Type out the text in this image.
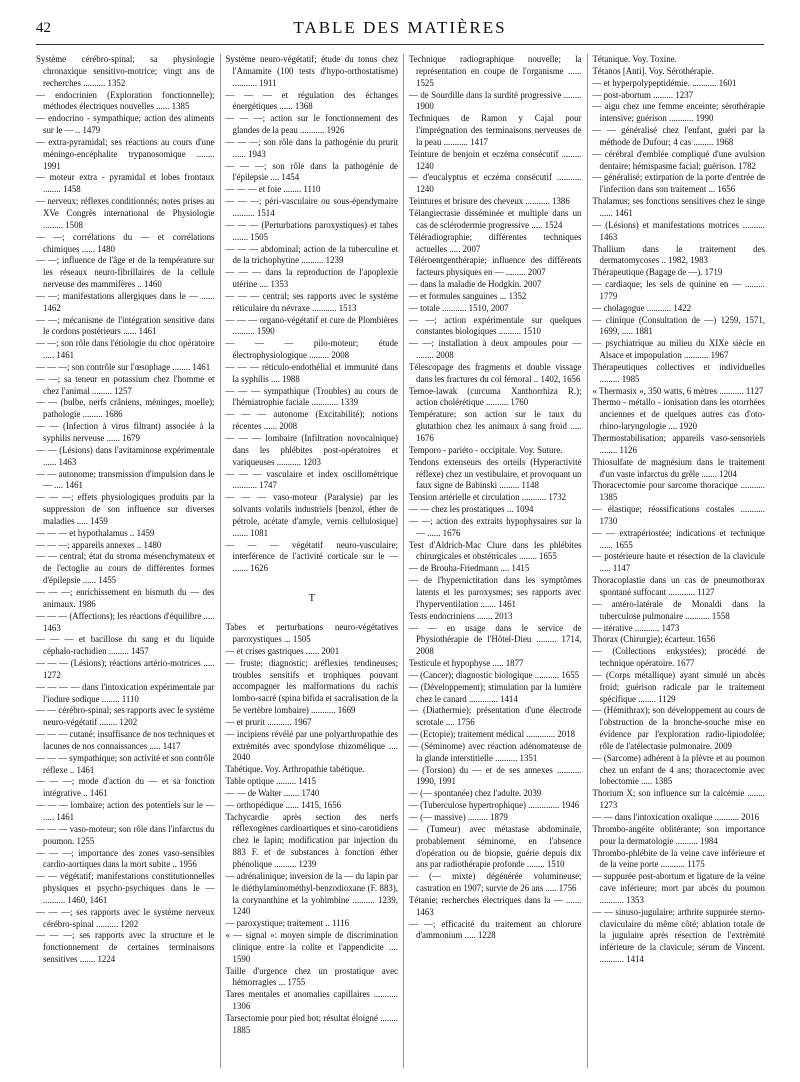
42	TABLE DES MATIÈRES

Système cérébro-spinal; sa physiologie chronaxique sensitivo-motrice; vingt ans de recherches .......... 1352

— endocrinien (Exploration fonctionnelle); méthodes électriques nouvelles ...... 1385

— endocrino - sympathique; action des aliments sur le — .. 1479

— extra-pyramidal; ses réactions au cours d'une méningo-encéphalite trypanosomique ........ 1991

— moteur extra - pyramidal et lobes frontaux ........ 1458

— nerveux; réflexes conditionnés; notes prises au XVe Congrès international de Physiologie ......... 1508

— —; corrélations du — et corrélations chimiques ...... 1480

— —; influence de l'âge et de la température sur les réseaux neuro-fibrillaires de la cellule nerveuse des mammifères .. 1460

— —; manifestations allergiques dans le — ...... 1462

— —; mécanisme de l'intégration sensitive dans le cordons postérieurs ...... 1461

— —; son rôle dans l'étiologie du choc opératoire ..... 1461

— — —; son contrôle sur l'œsophage ........ 1461

— —; sa teneur en potassium chez l'homme et chez l'animal ......... 1257

— — (bulbe, nerfs crâniens, méninges, moelle); pathologie ......... 1686

— — (Infection à virus filtrant) associée à la syphilis nerveuse ...... 1679

— — (Lésions) dans l'avitaminose expérimentale ...... 1463

— — autonome; transmission d'impulsion dans le — .... 1461

— — —; effets physiologiques produits par la suppression de son influence sur diverses maladies ..... 1459

— — — et hypothalamus .. 1459

— — —; appareils annexes .. 1480

— — central; état du stroma mésenchymateux et de l'ectoglie au cours de différentes formes d'épilepsie ...... 1455

— — —; enrichissement en bismuth du — des animaux. 1986

— — — (Affections); les réactions d'équilibre ..... 1463

— — — et bacillose du sang et du liquide céphalo-rachidien ......... 1457

— — — (Lésions); réactions artério-motrices ..... 1272

— — — — dans l'intoxication expérimentale par l'iodure sodique ........ 1110

— — cérébro-spinal; ses rapports avec le système neuro-végétatif ........ 1202

— — — cutané; insuffisance de nos techniques et lacunes de nos connaissances ..... 1417

— — — sympathique; son activité et son contrôle réflexe .. 1461

— — —; mode d'action du — et sa fonction intégrative .. 1461

— — — lombaire; action des potentiels sur le — ..... 1461

— — — vaso-moteur; son rôle dans l'infarctus du poumon. 1255

— — —; importance des zones vaso-sensibles cardio-aortiques dans la mort subite .. 1956

— — végétatif; manifestations constitutionnelles physiques et psycho-psychiques dans le — .......... 1460, 1461

— — —; ses rapports avec le système nerveux cérébro-spinal .......... 1202

— — —; ses rapports avec la structure et le fonctionnement de certaines terminaisons sensitives ....... 1224

Système neuro-végétatif; étude du tonus chez l'Annamite (100 tests d'hypo-orthostatisme) ........... 1911

— — — et régulation des échanges énergétiques ...... 1368

— — —; action sur le fonctionnement des glandes de la peau ........... 1926

— — —; son rôle dans la pathogénie du prurit ...... 1943

— — —; son rôle dans la pathogénie de l'épilepsie .... 1454

— — — et foie ........ 1110

— — —; péri-vasculaire ou sous-épendymaire .......... 1514

— — — (Perturbations paroxystiques) et tabes ....... 1505

— — — abdominal; action de la tuberculine et de la trichophytine .......... 1239

— — — dans la reproduction de l'apoplexie utérine .... 1353

— — — central; ses rapports avec le système réticulaire du névraxe ........... 1513

— — — organo-végétatif et cure de Plombières .......... 1590

— — — pilo-moteur; étude électrophysiologique ......... 2008

— — — réticulo-endothélial et immunité dans la syphilis .... 1988

— — — sympathique (Troubles) au cours de l'hémiatrophie faciale ............ 1339

— — — autonome (Excitabilité); notions récentes ...... 2008

— — — lombaire (Infiltration novocaïnique) dans les phlébites post-opératoires et variqueuses ........... 1203

— — — vasculaire et index oscillométrique ........... 1747

— — — vaso-moteur (Paralysie) par les solvants volatils industriels [benzol, éther de pétrole, acétate d'amyle, vernis cellulosique] ....... 1081

— — — végétatif neuro-vasculaire; interférence de l'activité corticale sur le — ....... 1626

T

Tabes et perturbations neuro-végétatives paroxystiques ... 1505

— et crises gastriques ...... 2001

— fruste; diagnostic; aréflexies tendineuses; troubles sensitifs et trophiques pouvant accompagner les malformations du rachis lombo-sacré (spina bifida et sacralisation de la 5e vertèbre lombaire) ........... 1669

— et prurit ........... 1967

— incipiens révélé par une polyarthropathie des extrémités avec spondylose rhizomélique .... 2040

Tabétique. Voy. Arthropathie tabétique.

Table optique ......... 1415

— — de Walter ....... 1740

— orthopédique ...... 1415, 1656

Tachycardie après section des nerfs réflexogènes cardioartiques et sino-carotidiens chez le lapin; modification par injection du 883 F. et de substances à fonction éther phénolique .......... 1239

— adrénalinique; inversion de la — du lapin par le diéthylaminométhyl-benzodioxane (F. 883), la corynanthine et la yohimbine .......... 1239, 1240

— paroxystique; traitement .. 1116

« — signal »: moyen simple de discrimination clinique entre la colite et l'appendicite .... 1590

Taille d'urgence chez un prostatique avec hémorragies ... 1755

Tares mentales et anomalies capillaires ........... 1306

Tarsectomie pour pied bot; résultat éloigné ........ 1885

Technique radiographique nouvelle; la représentation en coupe de l'organisme ...... 1525

— de Sourdille dans la surdité progressive ........ 1900

Techniques de Ramon y Cajal pour l'imprégnation des terminaisons nerveuses de la peau ........... 1417

Teinture de benjoin et eczéma consécutif ......... 1240

— d'eucalyptus et eczéma consécutif ........... 1240

Teintures et brisure des cheveux ........... 1386

Télangiectasie disséminée et multiple dans un cas de sclérodermie progressive ..... 1524

Téléradiographie; différentes techniques actuelles ..... 2007

Téléroentgenthérapie; influence des différents facteurs physiques en — ......... 2007

— dans la maladie de Hodgkin. 2007

— et formules sanguines ... 1352

— totale ........... 1510, 2007

— —; action expérimentale sur quelques constantes biologiques .......... 1510

— —; installation à deux ampoules pour — ........ 2008

Télescopage des fragments et double vissage dans les fractures du col fémoral .. 1402, 1656

Temoe-lawak (curcuma Xanthorrhiza R.); action cholérétique .......... 1760

Température; son action sur le taux du glutathion chez les animaux à sang froid ..... 1676

Temporo - pariéto - occipitale. Voy. Suture.

Tendons extenseurs des orteils (Hyperactivité réflexe) chez un vestibulaire, et provoquant un faux signe de Babinski ......... 1148

Tension artérielle et circulation ........... 1732

— — chez les prostatiques ... 1094

— —; action des extraits hypophysaires sur la — ...... 1676

Test d'Aldrich-Mac Clure dans les phlébites chirurgicales et obstétricales ........ 1655

— de Brouha-Friedmann .... 1415

— de l'hypernictitation dans les symptômes latents et les paroxysmes; ses rapports avec l'hyperventilation ....... 1461

Tests endocriniens ....... 2013

— — en usage dans le service de Physiothérapie de l'Hôtel-Dieu ......... 1714, 2008

Testicule et hypophyse ..... 1877

— (Cancer); diagnostic biologique ........... 1655

— (Développement); stimulation par la lumière chez le canard ............. 1414

— (Diathermie); présentation d'une électrode scrotale .... 1756

— (Ectopie); traitement médical ............. 2018

— (Séminome) avec réaction adénomateuse de la glande interstitielle .......... 1351

— (Torsion) du — et de ses annexes ........... 1990, 1991

— (— spontanée) chez l'adulte. 2039

— (Tuberculose hypertrophique) .............. 1946

— (— massive) ......... 1879

— (Tumeur) avec métastase abdominale, probablement séminome, en l'absence d'opération ou de biopsie, guérie depuis dix ans par radiothérapie profonde ........ 1510

— (— mixte) dégénérée volumineuse; castration en 1907; survie de 26 ans ..... 1756

Tétanie; recherches électriques dans la — ....... 1463

— —; efficacité du traitement au chlorure d'ammonium ..... 1228

Tétanique. Voy. Toxine.

Tétanos [Anti]. Voy. Sérothérapie.

— et hyperpolypeptidémie. ........... 1601

— post-abortum ......... 1237

— aigu chez une femme enceinte; sérothérapie intensive; guérison ........... 1990

— — généralisé chez l'enfant, guéri par la méthode de Dufour; 4 cas ......... 1968

— cérébral d'emblée compliqué d'une avulsion dentaire; hémispasme facial; guérison. 1782

— généralisé; extirpation de la porte d'entrée de l'infection dans son traitement ... 1656

Thalamus; ses fonctions sensitives chez le singe ...... 1461

— (Lésions) et manifestations motrices .......... 1463

Thallium dans le traitement des dermatomycoses .. 1982, 1983

Thérapeutique (Bagage de —). 1719

— cardiaque; les sels de quinine en — ......... 1779

— cholagogue ........... 1422

— clinique (Consultation de —) 1259, 1571, 1699, ..... 1881

— psychiatrique au milieu du XIXe siècle en Alsace et impopulation ........... 1967

Thérapeutiques collectives et individuelles ......... 1985

« Thermasix », 350 watts, 6 mètres ........... 1127

Thermo - métallo - ionisation dans les otorrhées anciennes et de quelques autres cas d'oto-rhino-laryngologie .... 1920

Thermostabilisation; appareils vaso-sensoriels ........ 1126

Thiosulfate de magnésium dans le traitement d'un vaste infarctus du grêle ....... 1204

Thoracectomie pour sarcome thoracique ........... 1385

— élastique; réossifications costales ........... 1730

— — extrapériostée; indications et technique ...... 1655

— postérieure haute et résection de la clavicule ..... 1147

Thoracoplastie dans un cas de pneumothorax spontané suffocant ............ 1127

— antéro-latérale de Monaldi dans la tuberculose pulmonaire ........... 1558

— itérative ........... 1473

Thorax (Chirurgie); écarteur. 1656

— (Collections enkystées); procédé de technique opératoire. 1677

— (Corps métallique) ayant simulé un abcès froid; guérison radicale par le traitement spécifique ........ 1129

— (Hémithrax); son développement au cours de l'obstruction de la bronche-souche mise en évidence par l'exploration radio-lipiodolée; rôle de l'atélectasie pulmonaire. 2009

— (Sarcome) adhérent à la plèvre et au poumon chez un enfant de 4 ans; thoracectomie avec lobectomie ..... 1385

Thorium X; son influence sur la calcémie ........ 1273

— — dans l'intoxication oxalique ........... 2016

Thrombo-angéite oblitérante; son importance pour la dermatologie .......... 1984

Thrombo-phlébite de la veine cave inférieure et de la veine porte ........... 1175

— suppurée post-abortum et ligature de la veine cave inférieure; mort par abcès du poumon ........... 1353

— — sinuso-jugulaire; arthrite suppurée sterno-claviculaire du même côté; ablation totale de la jugulaire après résection de l'extrémité inférieure de la clavicule; sérum de Vincent. ........... 1414
